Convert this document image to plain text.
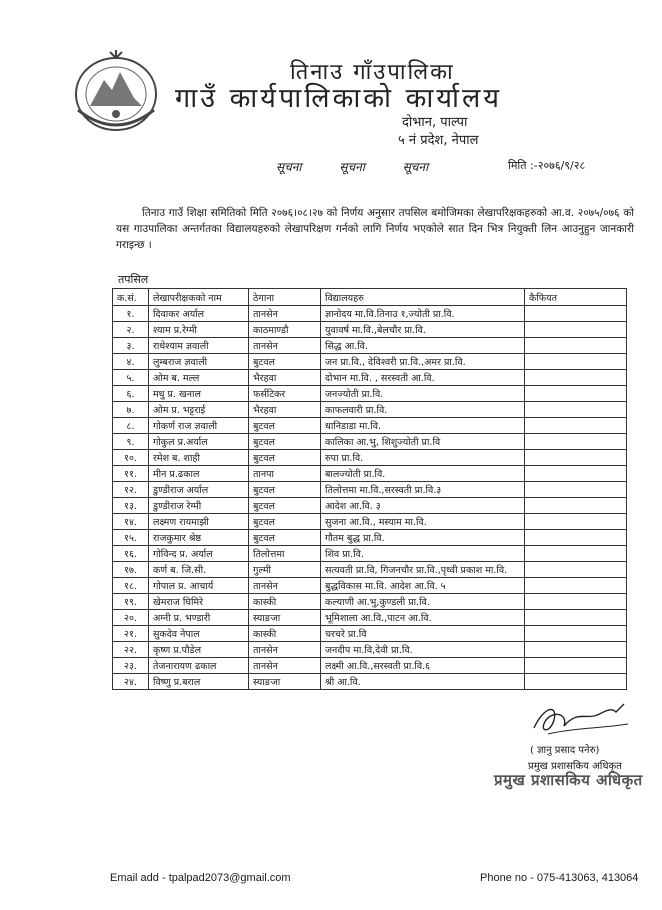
तिनाउ गाँउपालिका
गाउँ कार्यपालिकाको कार्यालय
दोभान, पाल्पा
५ नं प्रदेश, नेपाल
सूचना	सूचना	सूचना	मिति :-२०७६/९/२८
तिनाउ गाउँ शिक्षा समितिको मिति २०७६।०८।२७ को निर्णय अनुसार तपसिल बमोजिमका लेखापरिक्षकहरुको आ.व. २०७५/०७६ को यस गाउपालिका अन्तर्गतका विद्यालयहरुको लेखापरिक्षण गर्नको लागि निर्णय भएकोले सात दिन भित्र नियुक्ती लिन आउनुहुन जानकारी गराइन्छ ।
तपसिल
क.सं.	लेखापरीक्षकको नाम	ठेगाना	विद्यालयहरु	कैफियत
१.	दिवाकर अर्याल	तानसेन	ज्ञानोदय मा.वि.तिनाउ १,ज्योती प्रा.वि.	
२.	श्याम प्र.रेग्मी	काठमाण्डौ	युवावर्ष मा.वि.,बेलचौर प्रा.वि.	
३.	राधेश्याम ज्ञवाली	तानसेन	सिद्ध आ.वि.	
४.	लुम्बराज ज्ञवाली	बुटवल	जन प्रा.वि., देविश्वरी प्रा.वि.,अमर प्रा.वि.	
५.	ओम ब. मल्ल	भैरहवा	दोभान मा.वि. , सरस्वती आ.वि.	
६.	मधु प्र. खनाल	फर्सटिकर	जनज्योती प्रा.वि.	
७.	ओम प्र. भट्टराई	भैरहवा	काफलवारी प्रा.वि.	
८.	गोकर्ण राज ज्ञवाली	बुटवल	धानिडाडा मा.वि.	
९.	गोकुल प्र.अर्याल	बुटवल	कालिका आ.भु, शिशुज्योती प्रा.वि	
१०.	रमेश ब. शाही	बुटवल	रुपा प्रा.वि.	
११.	मीन प्र.ढकाल	तानपा	बालज्योती प्रा.वि.	
१२.	डुण्डीराज अर्याल	बुटवल	तिलोत्तमा मा.वि.,सरस्वती प्रा.वि.३	
१३.	डुण्डीराज रेग्मी	बुटवल	आदेश आ.वि. ३	
१४.	लक्ष्मण रायमाझी	बुटवल	सुजना आ.वि., मस्याम मा.वि.	
१५.	राजकुमार श्रेष्ठ	बुटवल	गौतम बुद्ध प्रा.वि.	
१६.	गोविन्द प्र. अर्याल	तिलोत्तमा	शिव प्रा.वि.	
१७.	कर्ण ब. जि.सी.	गुल्मी	सत्यवती प्रा.वि, गिजनचौर प्रा.वि.,पृथ्वी प्रकाश मा.वि.	
१८.	गोपाल प्र. आचार्य	तानसेन	बुद्धविकास मा.वि. आदेश आ.वि. ५	
१९.	खेमराज घिमिरे	कास्की	कल्याणी आ.भु,कुण्डली प्रा.वि.	
२०.	अग्नी प्र. भण्डारी	स्याङजा	भूमिशाला आ.वि.,पाटन आ.वि.	
२१.	सुकदेव नेपाल	कास्की	चरचरे प्रा.वि	
२२.	कृष्ण प्र.पौडेल	तानसेन	जनदीप मा.वि,देवी प्रा.वि.	
२३.	तेजनारायण ढकाल	तानसेन	लक्ष्मी आ.वि.,सरस्वती प्रा.वि.६	
२४.	विष्णु प्र.बराल	स्याङजा	श्री आ.वि.	
( ज्ञानु प्रसाद पनेरु)
प्रमुख प्रशासकिय अधिकृत
प्रमुख प्रशासकिय अधिकृत
Email add - tpalpad2073@gmail.com	Phone no - 075-413063, 413064
